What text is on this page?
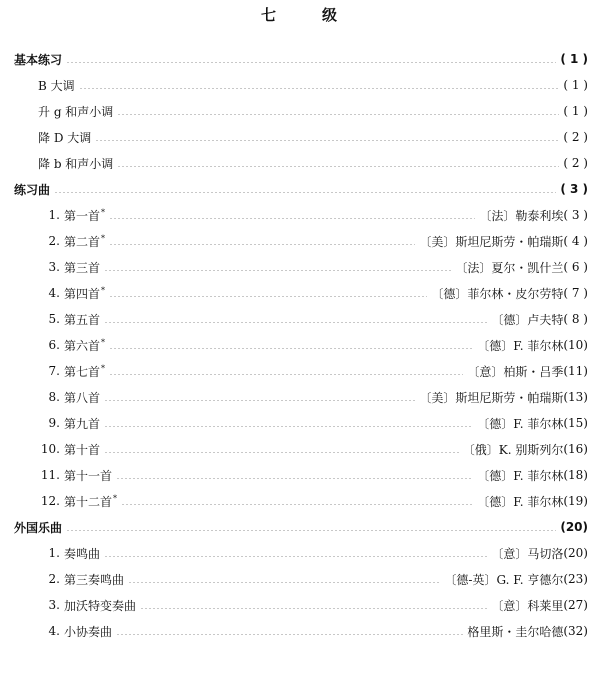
七	级
基本练习	( 1 )
B 大调	( 1 )
升 g 和声小调	( 1 )
降 D 大调	( 2 )
降 b 和声小调	( 2 )
练习曲	( 3 )
1. 第一首*	〔法〕勒泰利埃 ( 3 )
2. 第二首*	〔美〕斯坦尼斯劳・帕瑞斯 ( 4 )
3. 第三首	〔法〕夏尔・凯什兰 ( 6 )
4. 第四首*	〔德〕菲尔林・皮尔劳特 ( 7 )
5. 第五首	〔德〕卢夫特 ( 8 )
6. 第六首*	〔德〕F. 菲尔林 (10)
7. 第七首*	〔意〕柏斯・吕季 (11)
8. 第八首	〔美〕斯坦尼斯劳・帕瑞斯 (13)
9. 第九首	〔德〕F. 菲尔林 (15)
10. 第十首	〔俄〕K. 别斯列尔 (16)
11. 第十一首	〔德〕F. 菲尔林 (18)
12. 第十二首*	〔德〕F. 菲尔林 (19)
外国乐曲	(20)
1. 奏鸣曲	〔意〕马切洛 (20)
2. 第三奏鸣曲	〔德-英〕G. F. 亨德尔 (23)
3. 加沃特变奏曲	〔意〕科莱里 (27)
4. 小协奏曲	格里斯・圭尔哈德 (32)
